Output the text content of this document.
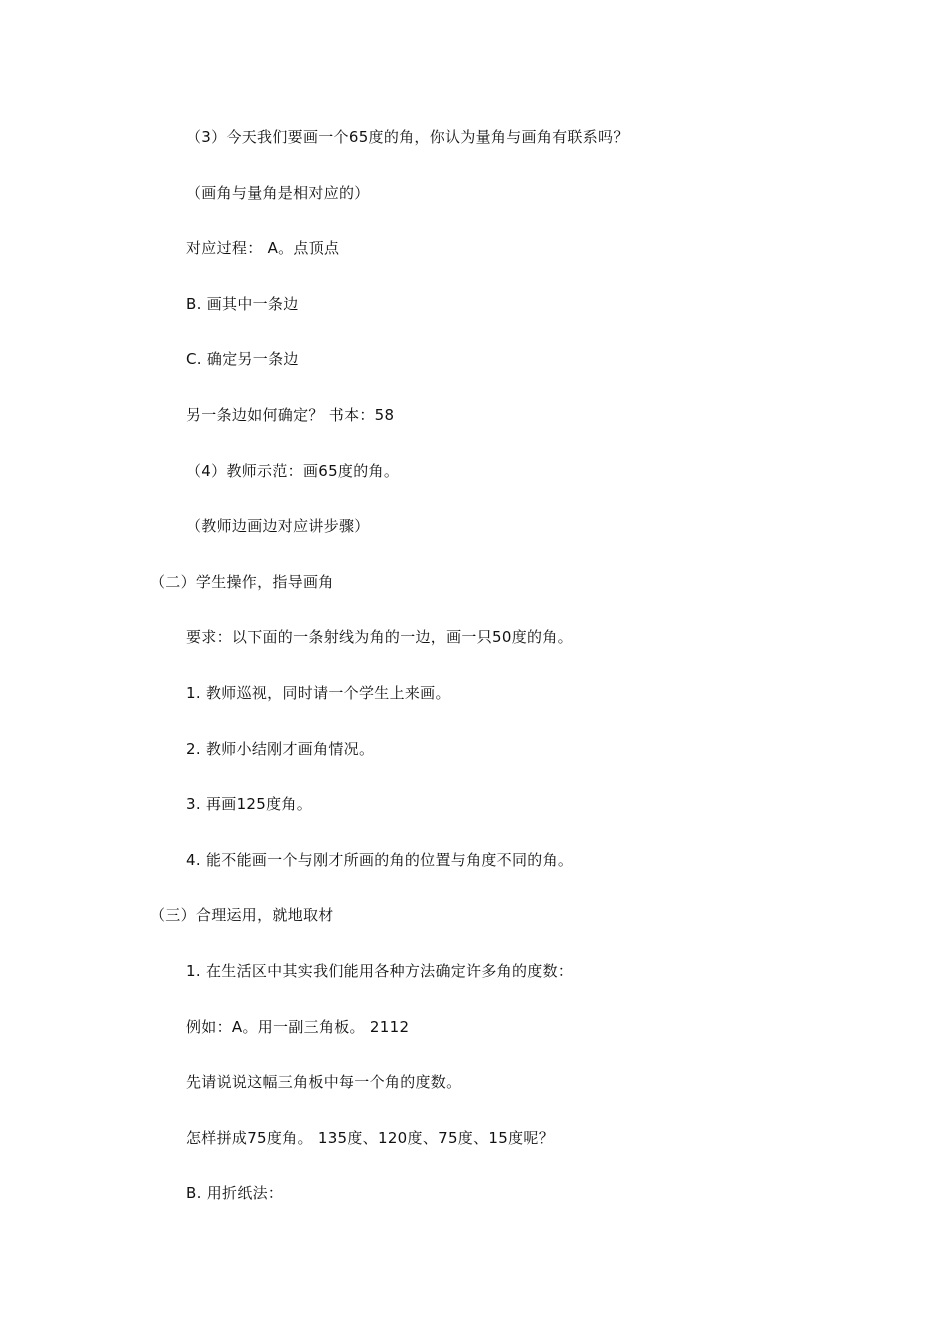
（3）今天我们要画一个65度的角，你认为量角与画角有联系吗？
（画角与量角是相对应的）
对应过程： A。点顶点
B. 画其中一条边
C. 确定另一条边
另一条边如何确定？ 书本：58
（4）教师示范：画65度的角。
（教师边画边对应讲步骤）
（二）学生操作，指导画角
要求：以下面的一条射线为角的一边，画一只50度的角。
1. 教师巡视，同时请一个学生上来画。
2. 教师小结刚才画角情况。
3. 再画125度角。
4. 能不能画一个与刚才所画的角的位置与角度不同的角。
（三）合理运用，就地取材
1. 在生活区中其实我们能用各种方法确定许多角的度数：
例如：A。用一副三角板。 2112
先请说说这幅三角板中每一个角的度数。
怎样拼成75度角。 135度、120度、75度、15度呢？
B. 用折纸法：
